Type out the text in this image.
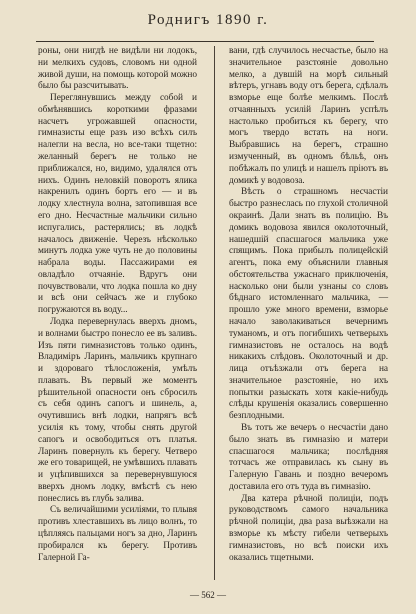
Роднигъ 1890 г.

роны, они нигдѣ не видѣли ни лодокъ, ни мелкихъ судовъ, словомъ ни одной живой души, на помощь которой можно было бы разсчитывать.

Переглянувшись между собой и обмѣнявшись короткими фразами насчетъ угрожавшей опасности, гимназисты еще разъ изо всѣхъ силъ налегли на весла, но все-таки тщетно: желанный берегъ не только не приближался, но, видимо, удалялся отъ нихъ. Одинъ неловкій поворотъ ялика накренилъ одинъ бортъ его — и въ лодку хлестнула волна, затопившая все его дно. Несчастные мальчики сильно испугались, растерялись; въ лодкѣ началось движеніе. Черезъ нѣсколько минутъ лодка уже чуть не до половины набрала воды. Пассажирами ея овладѣло отчаяніе. Вдругъ они почувствовали, что лодка пошла ко дну и всѣ они сейчасъ же и глубоко погружаются въ воду...

Лодка перевернулась вверхъ дномъ, и волнами быстро понесло ее въ заливъ. Изъ пяти гимназистовъ только одинъ, Владиміръ Ларинъ, мальчикъ крупнаго и здороваго тѣлосложенія, умѣлъ плавать. Въ первый же моментъ рѣшительной опасности онъ сбросилъ съ себя одинъ сапогъ и шинель, а, очутившись внѣ лодки, напрягъ всѣ усилія къ тому, чтобы снять другой сапогъ и освободиться отъ платья. Ларинъ повернулъ къ берегу. Четверо же его товарищей, не умѣвшихъ плавать и уцѣпившихся за перевернувшуюся вверхъ дномъ лодку, вмѣстѣ съ нею понеслись въ глубь залива.

Съ величайшими усиліями, то плывя противъ хлеставшихъ въ лицо волнъ, то цѣпляясь пальцами ногъ за дно, Ларинъ пробирался къ берегу. Противъ Галерной Га-

вани, гдѣ случилось несчастье, было на значительное разстояніе довольно мелко, а дувшій на морѣ сильный вѣтеръ, угнавъ воду отъ берега, сдѣлалъ взморье еще болѣе мелкимъ. Послѣ отчаянныхъ усилій Ларинъ успѣлъ настолько пробиться къ берегу, что могъ твердо встать на ноги. Выбравшись на берегъ, страшно измученный, въ одномъ бѣльѣ, онъ побѣжалъ по улицѣ и нашелъ пріютъ въ домикѣ у водовоза.

Вѣсть о страшномъ несчастіи быстро разнеслась по глухой столичной окраинѣ. Дали знать въ полицію. Въ домикъ водовоза явился околоточный, нашедшій спасшагося мальчика уже спящимъ. Пока прибылъ полицейскій агентъ, пока ему объяснили главныя обстоятельства ужаснаго приключенія, насколько они были узнаны со словъ бѣднаго истомленнаго мальчика, — прошло уже много времени, взморье начало заволакиваться вечернимъ туманомъ, и отъ погибшихъ четверыхъ гимназистовъ не осталось на водѣ никакихъ слѣдовъ. Околоточный и др. лица отъѣзжали отъ берега на значительное разстояніе, но ихъ попытки разыскать хотя какіе-нибудь слѣды крушенія оказались совершенно безплодными.

Въ тотъ же вечеръ о несчастіи дано было знать въ гимназію и матери спасшагося мальчика; послѣдняя тотчасъ же отправилась къ сыну въ Галерную Гавань и поздно вечеромъ доставила его отъ туда въ гимназію.

Два катера рѣчной полиціи, подъ руководствомъ самого начальника рѣчной полиціи, два раза выѣзжали на взморье къ мѣсту гибели четверыхъ гимназистовъ, но всѣ поиски ихъ оказались тщетными.

— 562 —
